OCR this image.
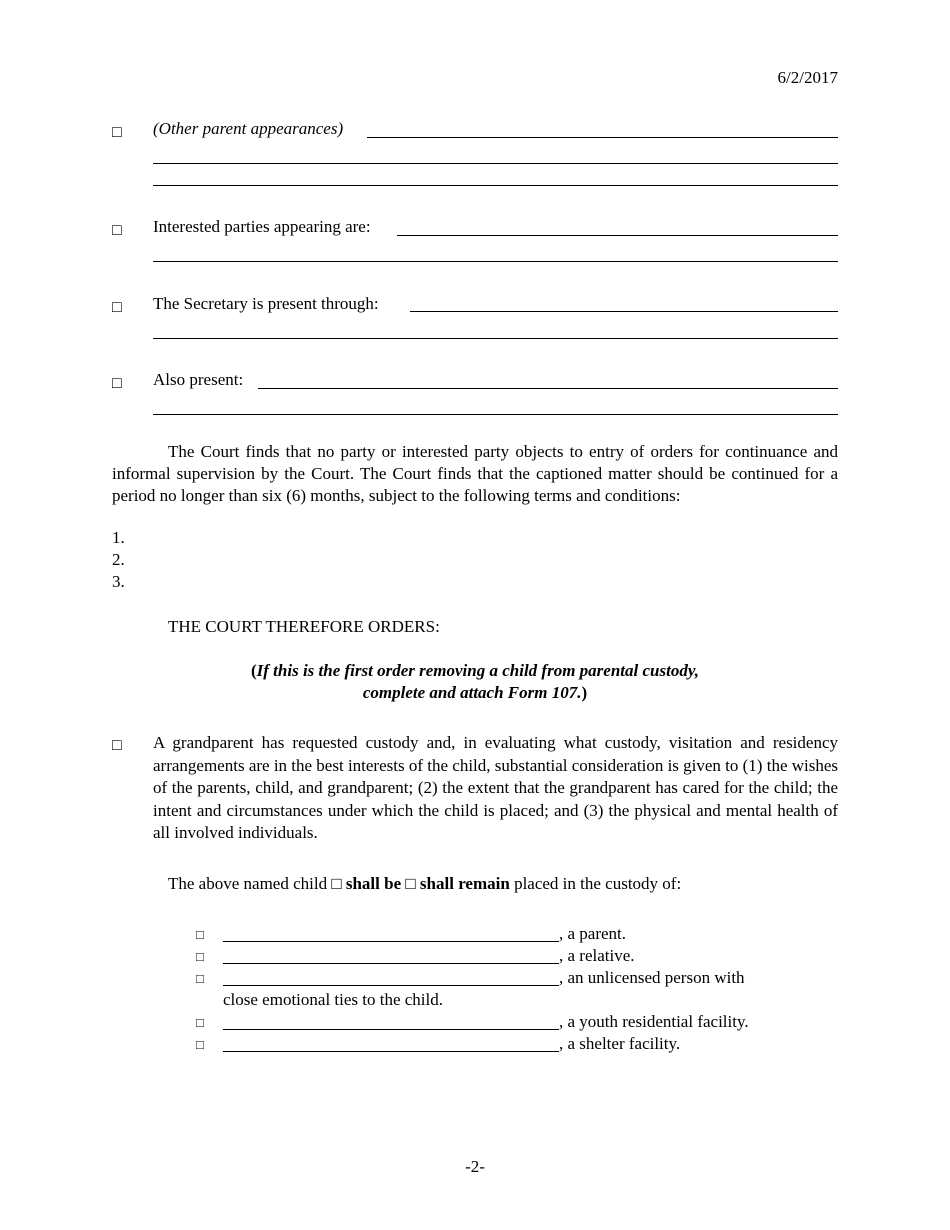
6/2/2017
□
(Other parent appearances)
□
Interested parties appearing are:
□
The Secretary is present through:
□
Also present:
The Court finds that no party or interested party objects to entry of orders for continuance and informal supervision by the Court. The Court finds that the captioned matter should be continued for a period no longer than six (6) months, subject to the following terms and conditions:
1.
2.
3.
THE COURT THEREFORE ORDERS:
(If this is the first order removing a child from parental custody,
complete and attach Form 107.)
□
A grandparent has requested custody and, in evaluating what custody, visitation and residency arrangements are in the best interests of the child, substantial consideration is given to (1) the wishes of the parents, child, and grandparent; (2) the extent that the grandparent has cared for the child; the intent and circumstances under which the child is placed; and (3) the physical and mental health of all involved individuals.
The above named child □ shall be □ shall remain placed in the custody of:
□	, a parent.
□	, a relative.
□	, an unlicensed person with
close emotional ties to the child.
□	, a youth residential facility.
□	, a shelter facility.
-2-
